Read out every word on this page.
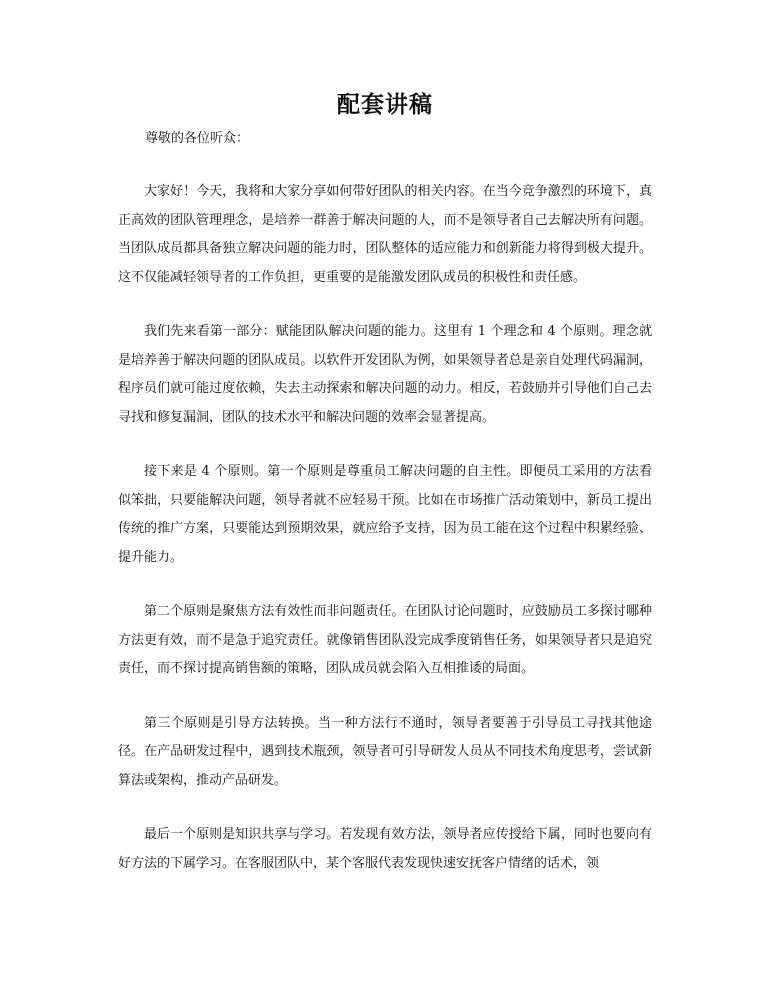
配套讲稿
尊敬的各位听众：

大家好！今天，我将和大家分享如何带好团队的相关内容。在当今竞争激烈的环境下，真正高效的团队管理理念，是培养一群善于解决问题的人，而不是领导者自己去解决所有问题。当团队成员都具备独立解决问题的能力时，团队整体的适应能力和创新能力将得到极大提升。这不仅能减轻领导者的工作负担，更重要的是能激发团队成员的积极性和责任感。

我们先来看第一部分：赋能团队解决问题的能力。这里有 1 个理念和 4 个原则。理念就是培养善于解决问题的团队成员。以软件开发团队为例，如果领导者总是亲自处理代码漏洞，程序员们就可能过度依赖，失去主动探索和解决问题的动力。相反，若鼓励并引导他们自己去寻找和修复漏洞，团队的技术水平和解决问题的效率会显著提高。

接下来是 4 个原则。第一个原则是尊重员工解决问题的自主性。即便员工采用的方法看似笨拙，只要能解决问题，领导者就不应轻易干预。比如在市场推广活动策划中，新员工提出传统的推广方案，只要能达到预期效果，就应给予支持，因为员工能在这个过程中积累经验、提升能力。

第二个原则是聚焦方法有效性而非问题责任。在团队讨论问题时，应鼓励员工多探讨哪种方法更有效，而不是急于追究责任。就像销售团队没完成季度销售任务，如果领导者只是追究责任，而不探讨提高销售额的策略，团队成员就会陷入互相推诿的局面。

第三个原则是引导方法转换。当一种方法行不通时，领导者要善于引导员工寻找其他途径。在产品研发过程中，遇到技术瓶颈，领导者可引导研发人员从不同技术角度思考，尝试新算法或架构，推动产品研发。

最后一个原则是知识共享与学习。若发现有效方法，领导者应传授给下属，同时也要向有好方法的下属学习。在客服团队中，某个客服代表发现快速安抚客户情绪的话术，领
